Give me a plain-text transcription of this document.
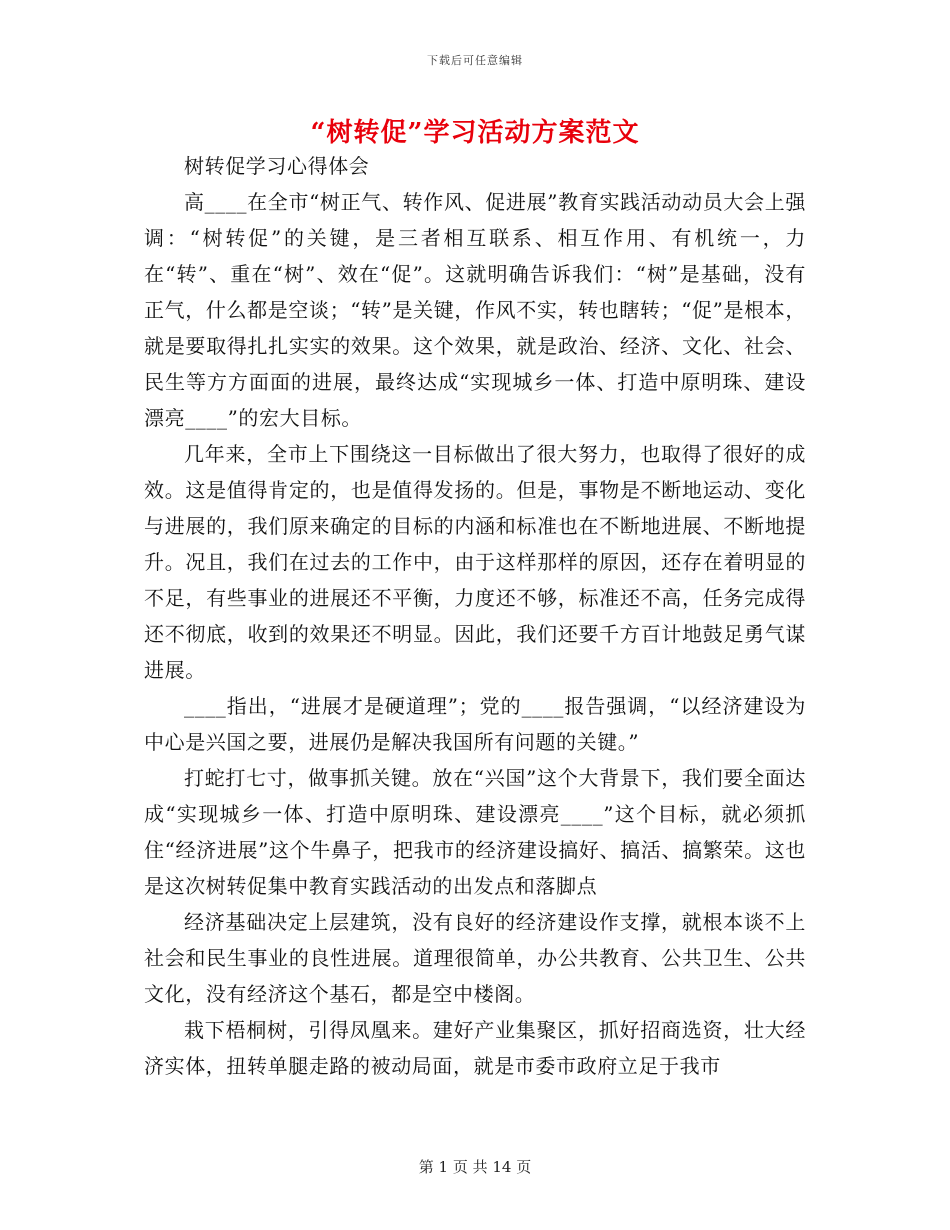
下载后可任意编辑
“树转促”学习活动方案范文

树转促学习心得体会

高____在全市“树正气、转作风、促进展”教育实践活动动员大会上强调：“树转促”的关键，是三者相互联系、相互作用、有机统一，力在“转”、重在“树”、效在“促”。这就明确告诉我们：“树”是基础，没有正气，什么都是空谈；“转”是关键，作风不实，转也瞎转；“促”是根本，就是要取得扎扎实实的效果。这个效果，就是政治、经济、文化、社会、民生等方方面面的进展，最终达成“实现城乡一体、打造中原明珠、建设漂亮____”的宏大目标。

几年来，全市上下围绕这一目标做出了很大努力，也取得了很好的成效。这是值得肯定的，也是值得发扬的。但是，事物是不断地运动、变化与进展的，我们原来确定的目标的内涵和标准也在不断地进展、不断地提升。况且，我们在过去的工作中，由于这样那样的原因，还存在着明显的不足，有些事业的进展还不平衡，力度还不够，标准还不高，任务完成得还不彻底，收到的效果还不明显。因此，我们还要千方百计地鼓足勇气谋进展。

____指出，“进展才是硬道理”；党的____报告强调，“以经济建设为中心是兴国之要，进展仍是解决我国所有问题的关键。”

打蛇打七寸，做事抓关键。放在“兴国”这个大背景下，我们要全面达成“实现城乡一体、打造中原明珠、建设漂亮____”这个目标，就必须抓住“经济进展”这个牛鼻子，把我市的经济建设搞好、搞活、搞繁荣。这也是这次树转促集中教育实践活动的出发点和落脚点

经济基础决定上层建筑，没有良好的经济建设作支撑，就根本谈不上社会和民生事业的良性进展。道理很简单，办公共教育、公共卫生、公共文化，没有经济这个基石，都是空中楼阁。

栽下梧桐树，引得凤凰来。建好产业集聚区，抓好招商选资，壮大经济实体，扭转单腿走路的被动局面，就是市委市政府立足于我市

第 1 页 共 14 页
